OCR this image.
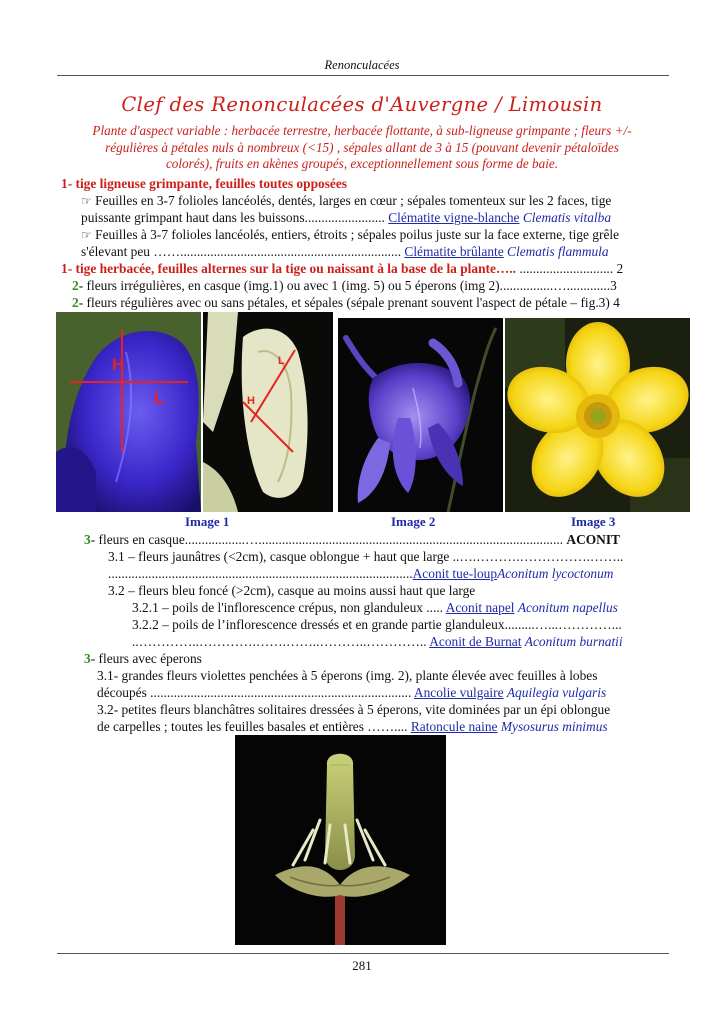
Renonculacées
Clef des Renonculacées d'Auvergne / Limousin
Plante d'aspect variable : herbacée terrestre, herbacée flottante, à sub-ligneuse grimpante ; fleurs +/-
régulières à pétales nuls à nombreux (<15) , sépales allant de 3 à 15 (pouvant devenir pétaloïdes
colorés), fruits en akènes groupés, exceptionnellement sous forme de baie.
1- tige ligneuse grimpante, feuilles toutes opposées
☞ Feuilles en 3-7 folioles lancéolés, dentés, larges en cœur ; sépales tomenteux sur les 2 faces, tige
puissante grimpant haut dans les buissons........................ Clématite vigne-blanche Clematis vitalba
☞ Feuilles à 3-7 folioles lancéolés, entiers, étroits ; sépales poilus juste sur la face externe, tige grêle
s'élevant peu …….................................................................. Clématite brûlante Clematis flammula
1- tige herbacée, feuilles alternes sur la tige ou naissant à la base de la plante….. ............................ 2
2- fleurs irrégulières, en casque (img.1) ou avec 1 (img. 5) ou 5 éperons (img 2)................….............3
2- fleurs régulières avec ou sans pétales, et sépales (sépale prenant souvent l'aspect de pétale – fig.3) 4
H
L
L
H
Image 1	Image 2	Image 3
3- fleurs en casque..................…........................................................................................... ACONIT
3.1 – fleurs jaunâtres (<2cm), casque oblongue + haut que large ..….……….…………….……..
...........................................................................................Aconit tue-loupAconitum lycoctonum
3.2 – fleurs bleu foncé (>2cm), casque au moins aussi haut que large
3.2.1 – poils de l'inflorescence crépus, non glanduleux ..... Aconit napel Aconitum napellus
3.2.2 – poils de l’inflorescence dressés et en grande partie glanduleux.........…...…………...
..…………..………….…….……..………..………….. Aconit de Burnat Aconitum burnatii
3- fleurs avec éperons
3.1- grandes fleurs violettes penchées à 5 éperons (img. 2), plante élevée avec feuilles à lobes
découpés .............................................................................. Ancolie vulgaire Aquilegia vulgaris
3.2- petites fleurs blanchâtres solitaires dressées à 5 éperons, vite dominées par un épi oblongue
de carpelles ; toutes les feuilles basales et entières …….... Ratoncule naine Mysosurus minimus
281
